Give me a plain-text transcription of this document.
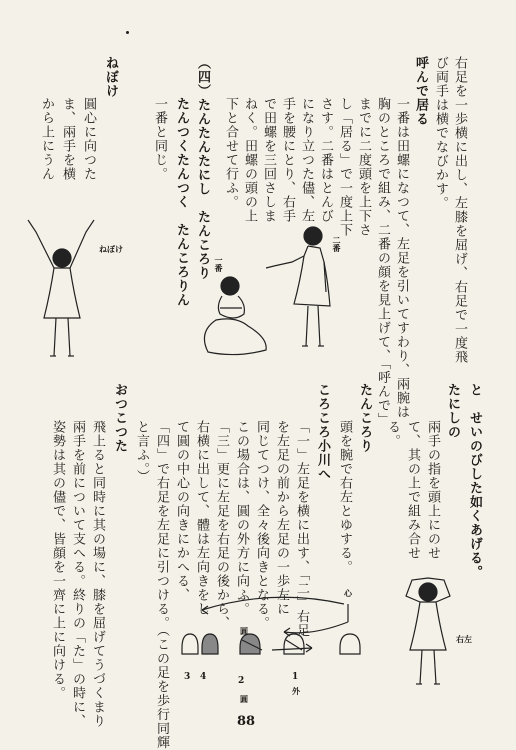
右足を一歩横に出し、左膝を屈げ、右足で一度飛
び両手は横でなびかす。
呼んで居る
一番は田螺になつて、左足を引いてすわり、兩腕は
胸のところで組み、二番の顔を見上げて、「呼んで」
までに二度頭を上下さ
し「居る」で一度上下
さす。二番はとんび
になり立つた儘、左
手を腰にとり、右手
で田螺を三回さしま
ねく。田螺の頭の上
下と合せて行ふ。
（四）たんたんたにし　たんころり
たんつくたんつく　たんころりん
一番と同じ。
ねぼけ
圓心に向つた
ま、兩手を横
から上にうん
と　せいのびした如くあげる。
たにしの
兩手の指を頭上にのせ
て、其の上で組み合せ
る。
たんころり
頭を腕で右左とゆする。
ころころ小川へ
「一」左足を横に出す、「二」右足
を左足の前から左足の一歩左に
同じてつけ、全々後向きとなる。
この場合は、圓の外方に向ふ。
「三」更に左足を右足の後から、
右横に出して、體は左向きをし
て圓の中心の向きにかへる、
「四」で右足を左足に引つける。（この足を歩行同輝
と言ふ。）
おつこつた
飛上ると同時に其の場に、膝を屈げてうづくまり
兩手を前について支へる。終りの「た」の時に、
姿勢は其の儘で、皆顔を一齊に上に向ける。
二番
一番
ねぼけ
右左
心
圓
圓
外
1
2
3 4
88
